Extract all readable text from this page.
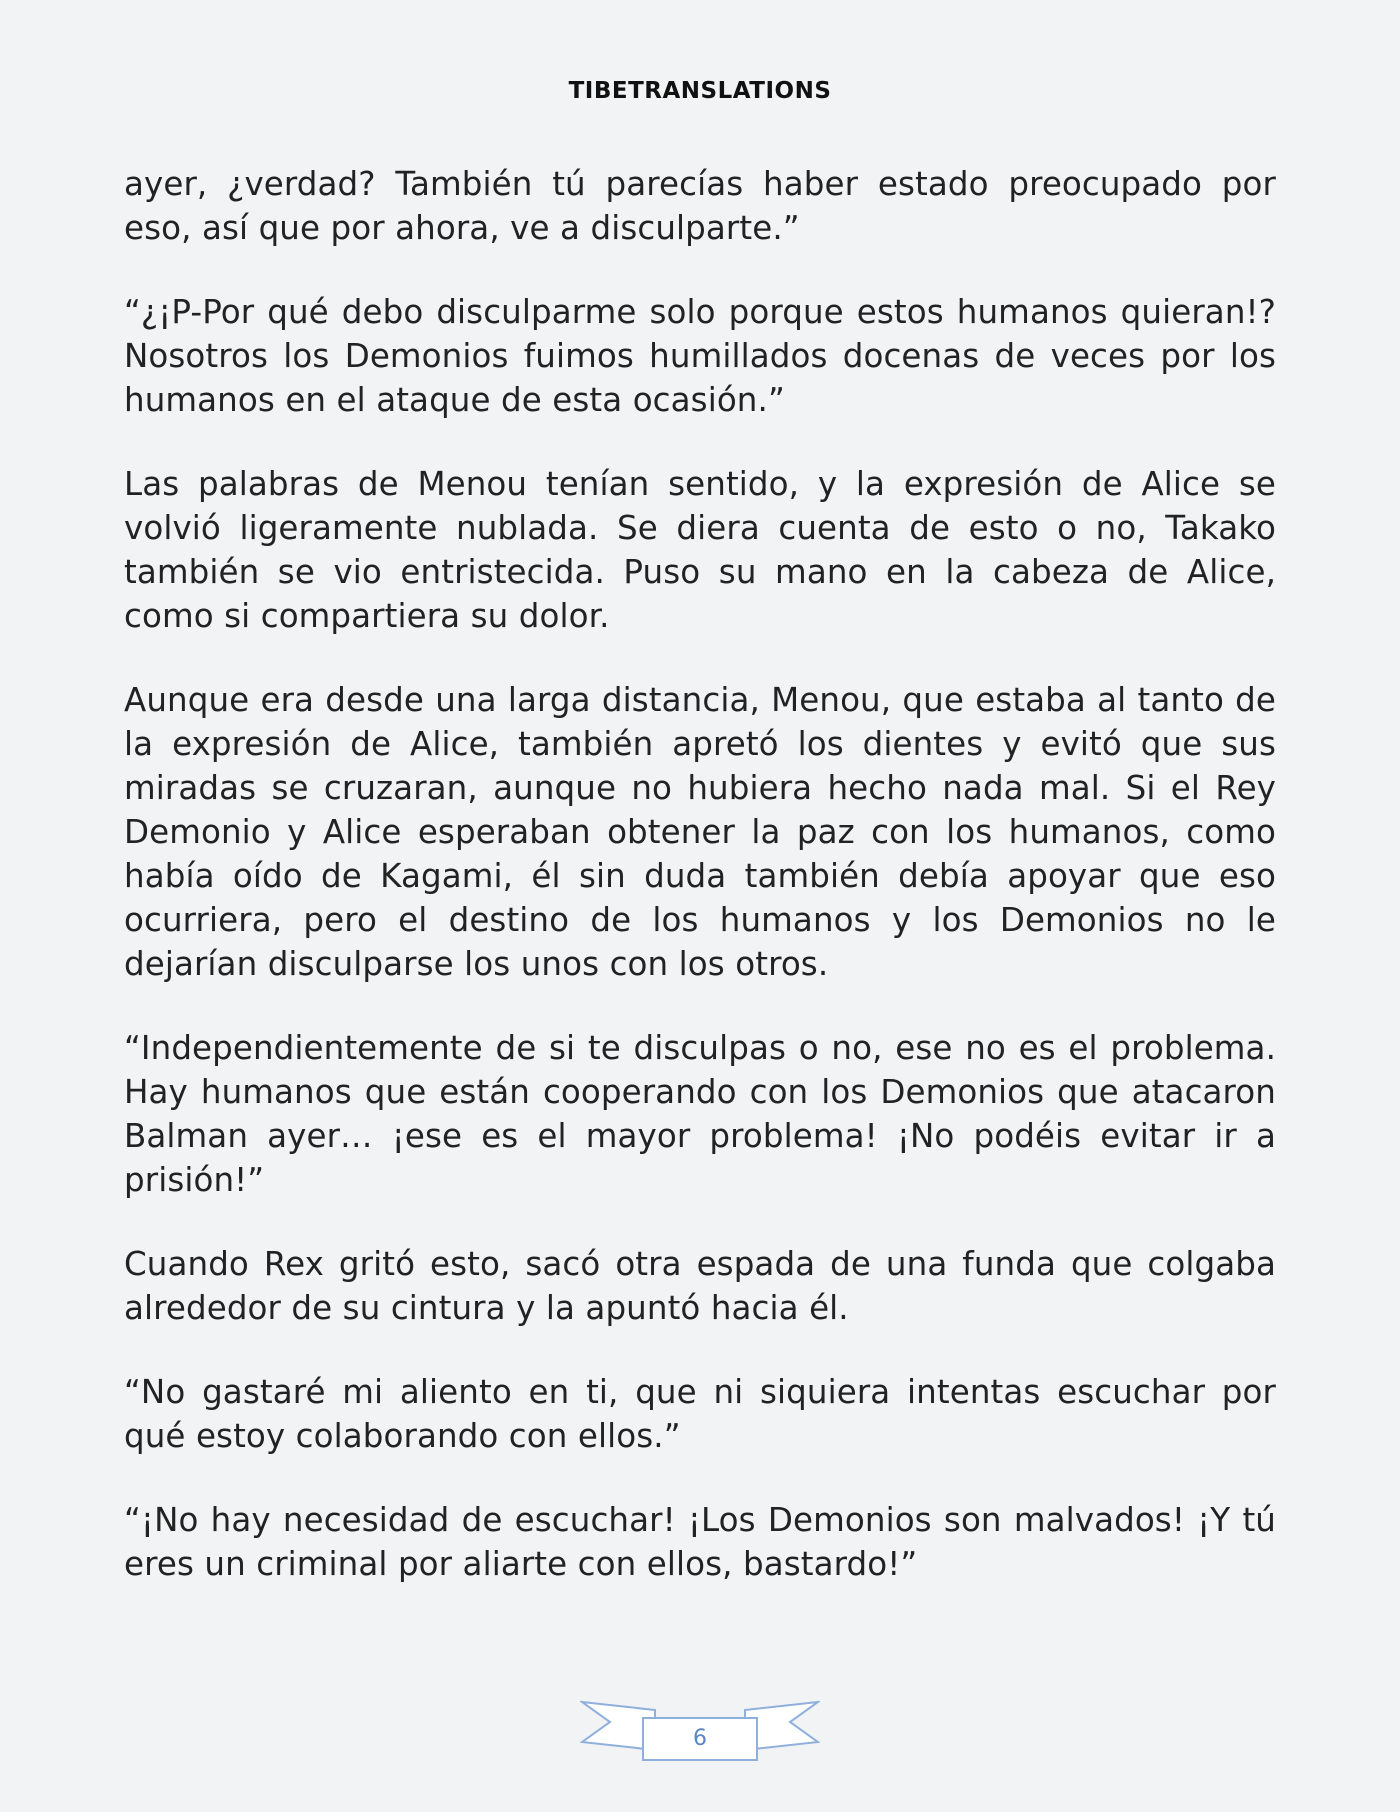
TIBETRANSLATIONS

ayer, ¿verdad? También tú parecías haber estado preocupado por eso, así que por ahora, ve a disculparte.”

“¿¡P-Por qué debo disculparme solo porque estos humanos quieran!? Nosotros los Demonios fuimos humillados docenas de veces por los humanos en el ataque de esta ocasión.”

Las palabras de Menou tenían sentido, y la expresión de Alice se volvió ligeramente nublada. Se diera cuenta de esto o no, Takako también se vio entristecida. Puso su mano en la cabeza de Alice, como si compartiera su dolor.

Aunque era desde una larga distancia, Menou, que estaba al tanto de la expresión de Alice, también apretó los dientes y evitó que sus miradas se cruzaran, aunque no hubiera hecho nada mal. Si el Rey Demonio y Alice esperaban obtener la paz con los humanos, como había oído de Kagami, él sin duda también debía apoyar que eso ocurriera, pero el destino de los humanos y los Demonios no le dejarían disculparse los unos con los otros.

“Independientemente de si te disculpas o no, ese no es el problema. Hay humanos que están cooperando con los Demonios que atacaron Balman ayer… ¡ese es el mayor problema! ¡No podéis evitar ir a prisión!”

Cuando Rex gritó esto, sacó otra espada de una funda que colgaba alrededor de su cintura y la apuntó hacia él.

“No gastaré mi aliento en ti, que ni siquiera intentas escuchar por qué estoy colaborando con ellos.”

“¡No hay necesidad de escuchar! ¡Los Demonios son malvados! ¡Y tú eres un criminal por aliarte con ellos, bastardo!”

6
